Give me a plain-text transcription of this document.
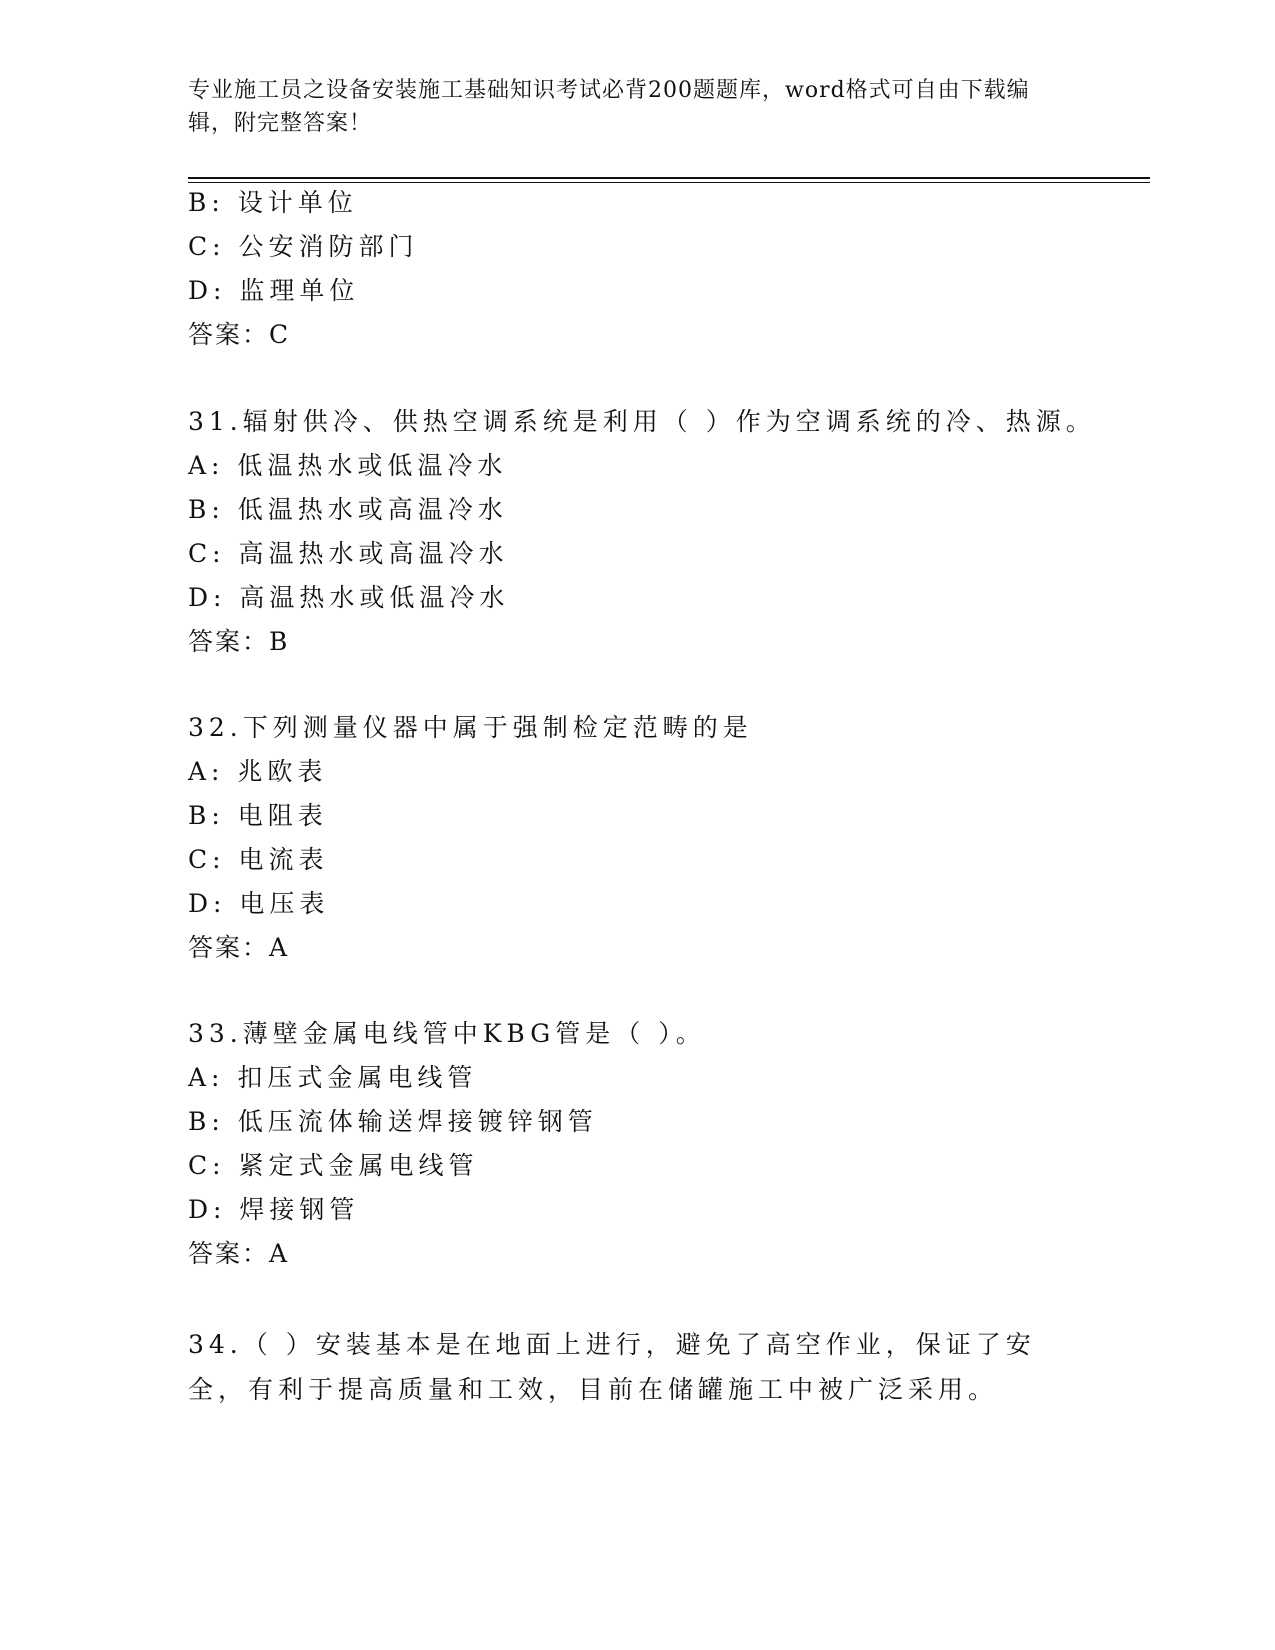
专业施工员之设备安装施工基础知识考试必背200题题库，word格式可自由下载编辑，附完整答案！
B: 设计单位
C: 公安消防部门
D: 监理单位
答案：C
31.辐射供冷、供热空调系统是利用（ ）作为空调系统的冷、热源。
A: 低温热水或低温冷水
B: 低温热水或高温冷水
C: 高温热水或高温冷水
D: 高温热水或低温冷水
答案：B
32.下列测量仪器中属于强制检定范畴的是
A: 兆欧表
B: 电阻表
C: 电流表
D: 电压表
答案：A
33.薄壁金属电线管中KBG管是（ ）。
A: 扣压式金属电线管
B: 低压流体输送焊接镀锌钢管
C: 紧定式金属电线管
D: 焊接钢管
答案：A
34.（ ）安装基本是在地面上进行，避免了高空作业，保证了安全，有利于提高质量和工效，目前在储罐施工中被广泛采用。
